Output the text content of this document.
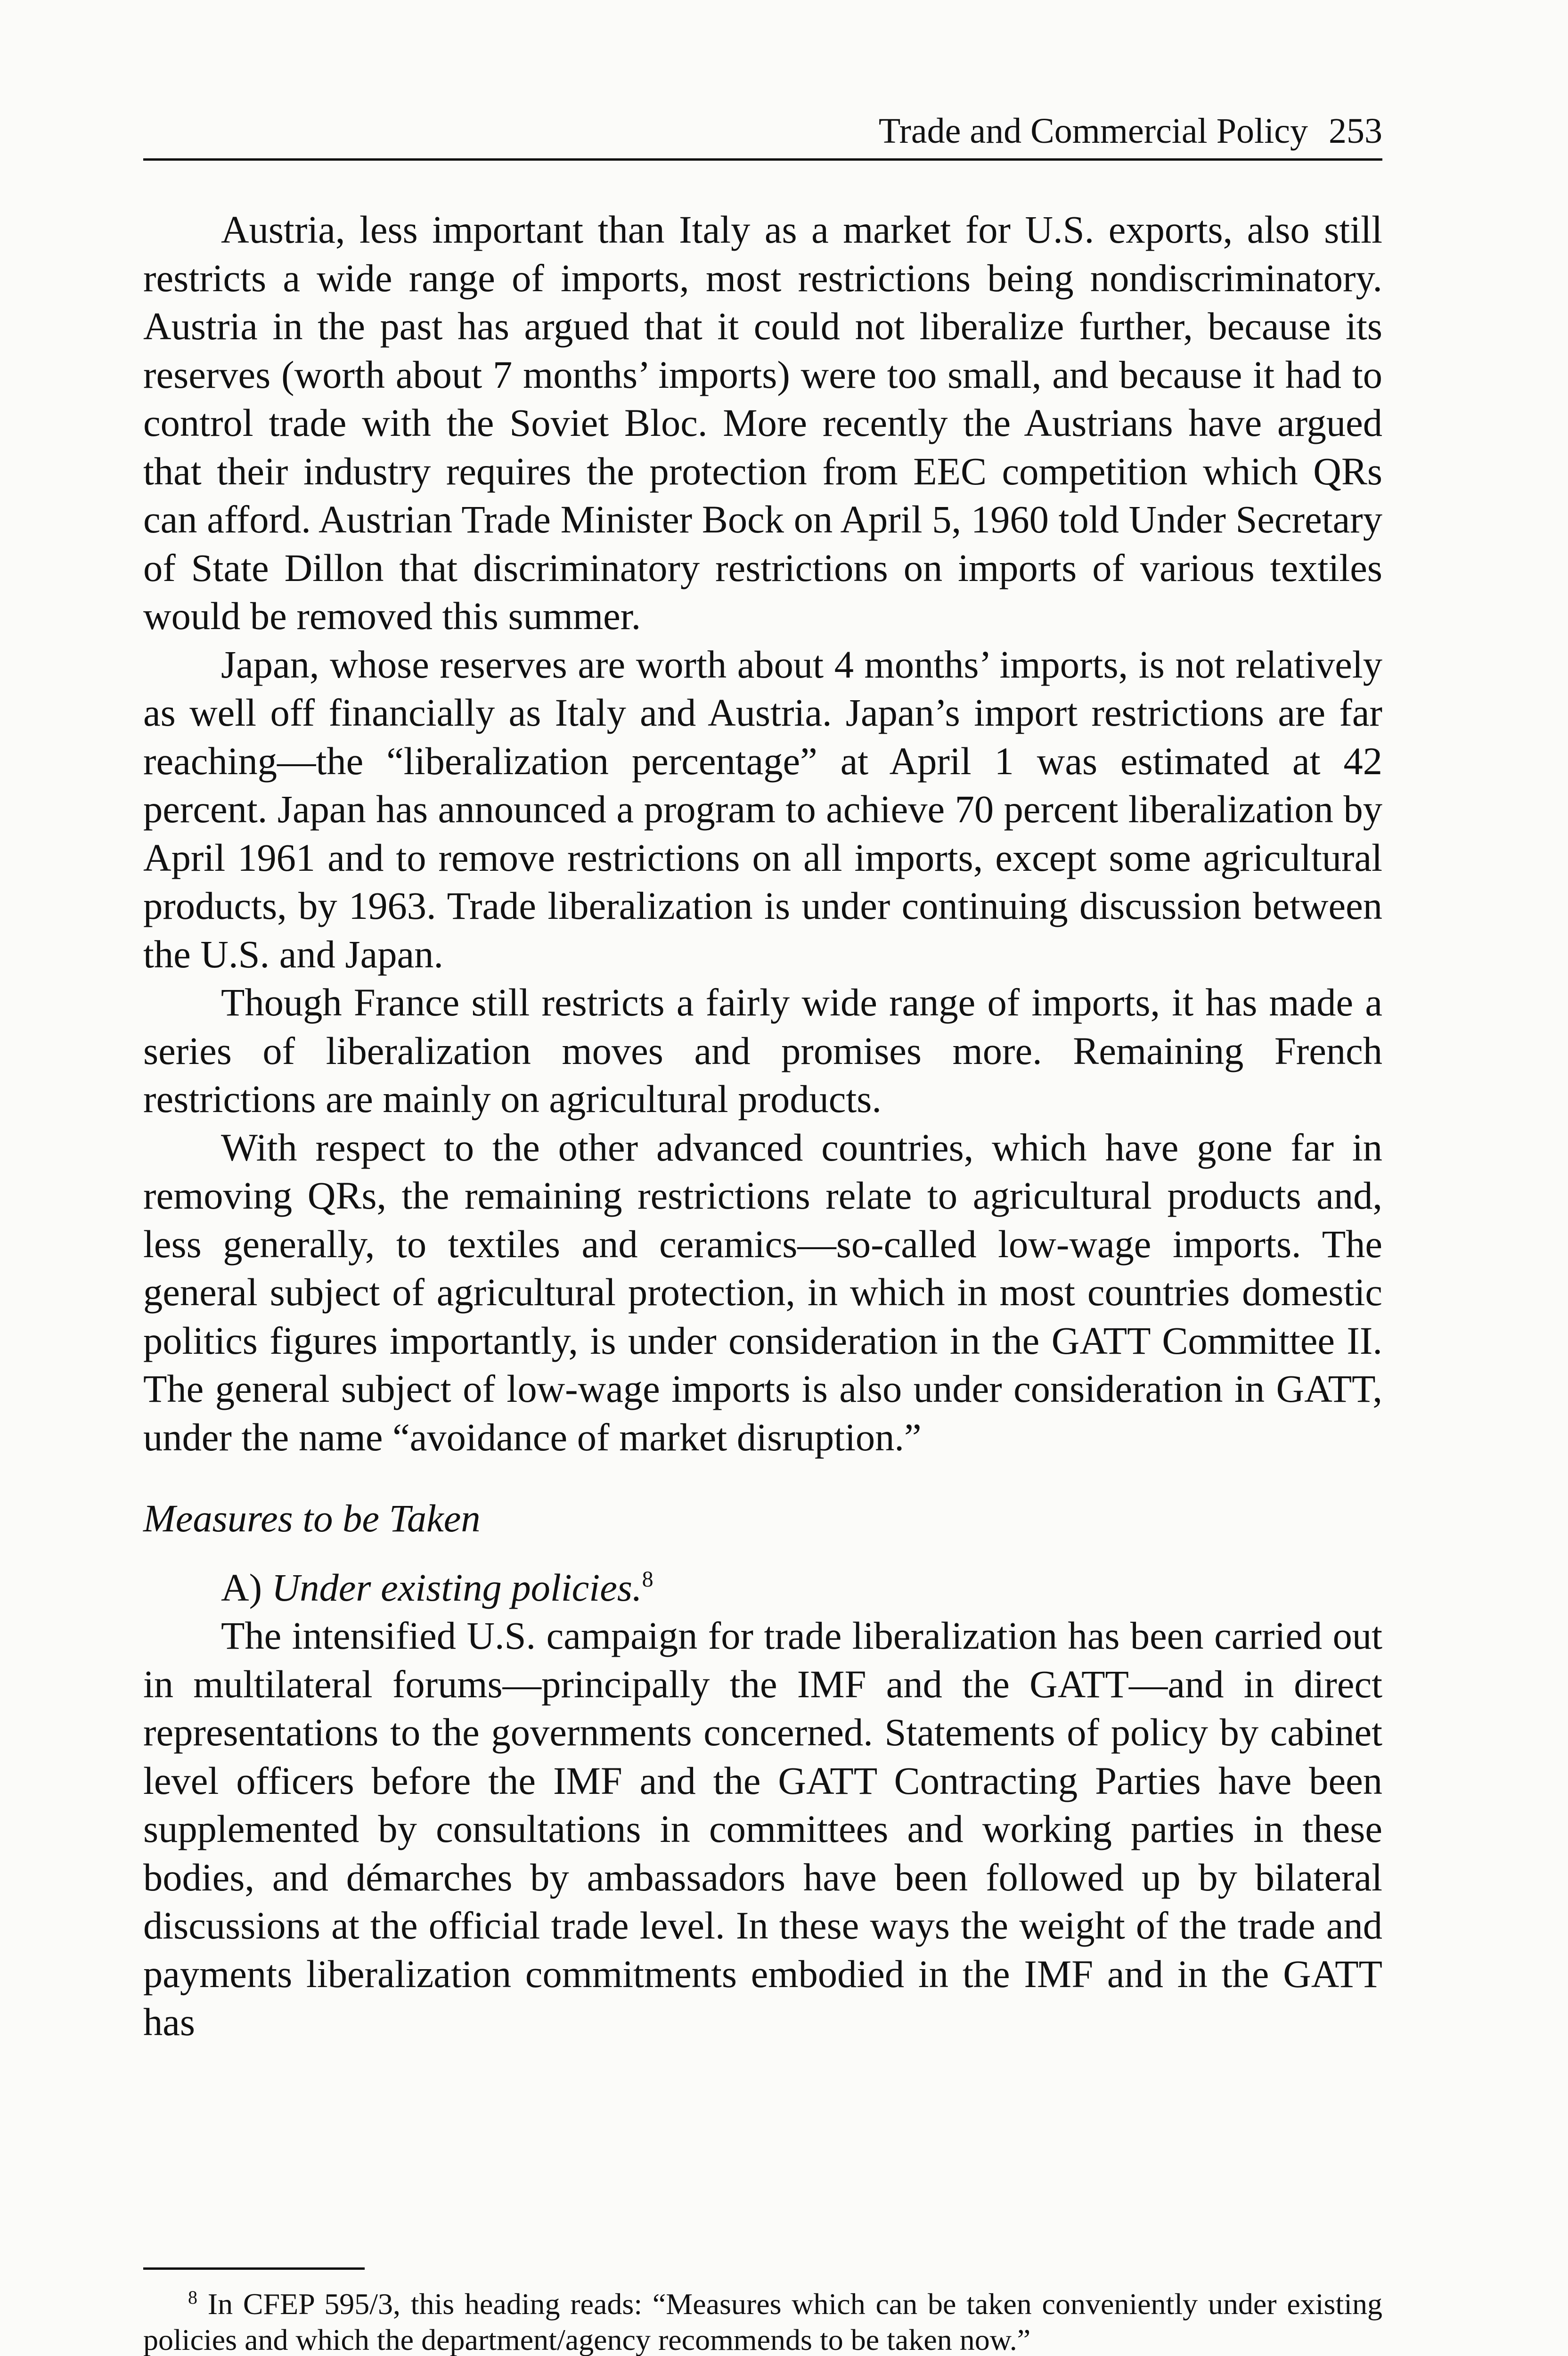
Trade and Commercial Policy 253

Austria, less important than Italy as a market for U.S. exports, also still restricts a wide range of imports, most restrictions being nondiscriminatory. Austria in the past has argued that it could not liberalize further, because its reserves (worth about 7 months’ imports) were too small, and because it had to control trade with the Soviet Bloc. More recently the Austrians have argued that their industry requires the protection from EEC competition which QRs can afford. Austrian Trade Minister Bock on April 5, 1960 told Under Secretary of State Dillon that discriminatory restrictions on imports of various textiles would be removed this summer.

Japan, whose reserves are worth about 4 months’ imports, is not relatively as well off financially as Italy and Austria. Japan’s import restrictions are far reaching—the “liberalization percentage” at April 1 was estimated at 42 percent. Japan has announced a program to achieve 70 percent liberalization by April 1961 and to remove restrictions on all imports, except some agricultural products, by 1963. Trade liberalization is under continuing discussion between the U.S. and Japan.

Though France still restricts a fairly wide range of imports, it has made a series of liberalization moves and promises more. Remaining French restrictions are mainly on agricultural products.

With respect to the other advanced countries, which have gone far in removing QRs, the remaining restrictions relate to agricultural products and, less generally, to textiles and ceramics—so-called low-wage imports. The general subject of agricultural protection, in which in most countries domestic politics figures importantly, is under consideration in the GATT Committee II. The general subject of low-wage imports is also under consideration in GATT, under the name “avoidance of market disruption.”

Measures to be Taken

A) Under existing policies.$^8$

The intensified U.S. campaign for trade liberalization has been carried out in multilateral forums—principally the IMF and the GATT—and in direct representations to the governments concerned. Statements of policy by cabinet level officers before the IMF and the GATT Contracting Parties have been supplemented by consultations in committees and working parties in these bodies, and démarches by ambassadors have been followed up by bilateral discussions at the official trade level. In these ways the weight of the trade and payments liberalization commitments embodied in the IMF and in the GATT has

$^8$ In CFEP 595/3, this heading reads: “Measures which can be taken conveniently under existing policies and which the department/agency recommends to be taken now.”
